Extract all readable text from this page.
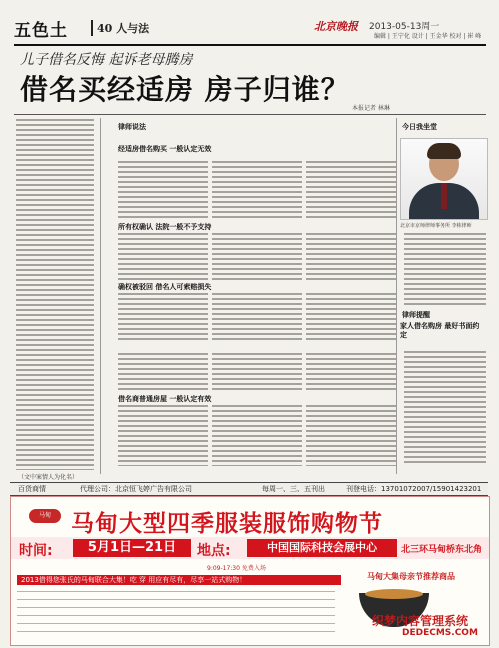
五色土	40 人与法	北京晚报 2013-05-13周一
编辑 | 王宁化 设计 | 王金华 校对 | 崔 峰
儿子借名反悔 起诉老母腾房
借名买经适房 房子归谁？
本报记者 林琳
（文中案情人为化名）
律师说法
经适房借名购买 一般认定无效
所有权确认 法院一般不予支持
确权被驳回 借名人可索赔损失
借名商普通房屋 一般认定有效
今日我坐堂
北京市京师律师事务所 李栋律师
律师提醒
家人借名购房 最好书面约定
百货商情	代理公司：北京恒飞婷广告有限公司	每周一、三、五刊出	刊登电话：13701072007/15901423201
马甸 马甸大型四季服装服饰购物节
时间:	5月1日—21日	地点:	中国国际科技会展中心	北三环马甸桥东北角
9:09-17:30 免费入场
2013借得您张氏的马甸联合大集！吃 穿 用应有尽有，尽享一站式购物！	马甸大集母亲节推荐商品
织梦内容管理系统
DEDECMS.COM
